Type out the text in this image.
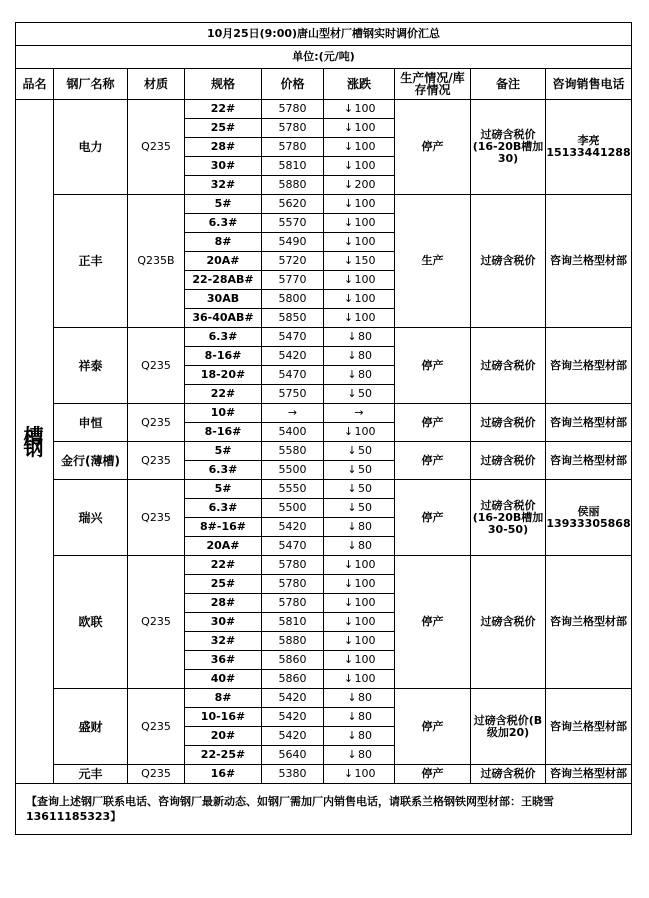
10月25日(9:00)唐山型材厂槽钢实时调价汇总								
单位:(元/吨)								
品名	钢厂名称	材质	规格	价格	涨跌	生产情况/库存情况	备注	咨询销售电话
槽钢	电力	Q235	22#	5780	↓100	停产	过磅含税价(16-20B槽加30)	李亮15133441288
			25#	5780	↓100			
			28#	5780	↓100			
			30#	5810	↓100			
			32#	5880	↓200			
	正丰	Q235B	5#	5620	↓100	生产	过磅含税价	咨询兰格型材部
			6.3#	5570	↓100			
			8#	5490	↓100			
			20A#	5720	↓150			
			22-28AB#	5770	↓100			
			30AB	5800	↓100			
			36-40AB#	5850	↓100			
	祥泰	Q235	6.3#	5470	↓80	停产	过磅含税价	咨询兰格型材部
			8-16#	5420	↓80			
			18-20#	5470	↓80			
			22#	5750	↓50			
	申恒	Q235	10#	→	→	停产	过磅含税价	咨询兰格型材部
			8-16#	5400	↓100			
	金行(薄槽)	Q235	5#	5580	↓50	停产	过磅含税价	咨询兰格型材部
			6.3#	5500	↓50			
	瑞兴	Q235	5#	5550	↓50	停产	过磅含税价(16-20B槽加30-50)	侯丽13933305868
			6.3#	5500	↓50			
			8#-16#	5420	↓80			
			20A#	5470	↓80			
	欧联	Q235	22#	5780	↓100	停产	过磅含税价	咨询兰格型材部
			25#	5780	↓100			
			28#	5780	↓100			
			30#	5810	↓100			
			32#	5880	↓100			
			36#	5860	↓100			
			40#	5860	↓100			
	盛财	Q235	8#	5420	↓80	停产	过磅含税价(B级加20)	咨询兰格型材部
			10-16#	5420	↓80			
			20#	5420	↓80			
			22-25#	5640	↓80			
	元丰	Q235	16#	5380	↓100	停产	过磅含税价	咨询兰格型材部
【查询上述钢厂联系电话、咨询钢厂最新动态、如钢厂需加厂内销售电话，请联系兰格钢铁网型材部：王晓雪13611185323】								
